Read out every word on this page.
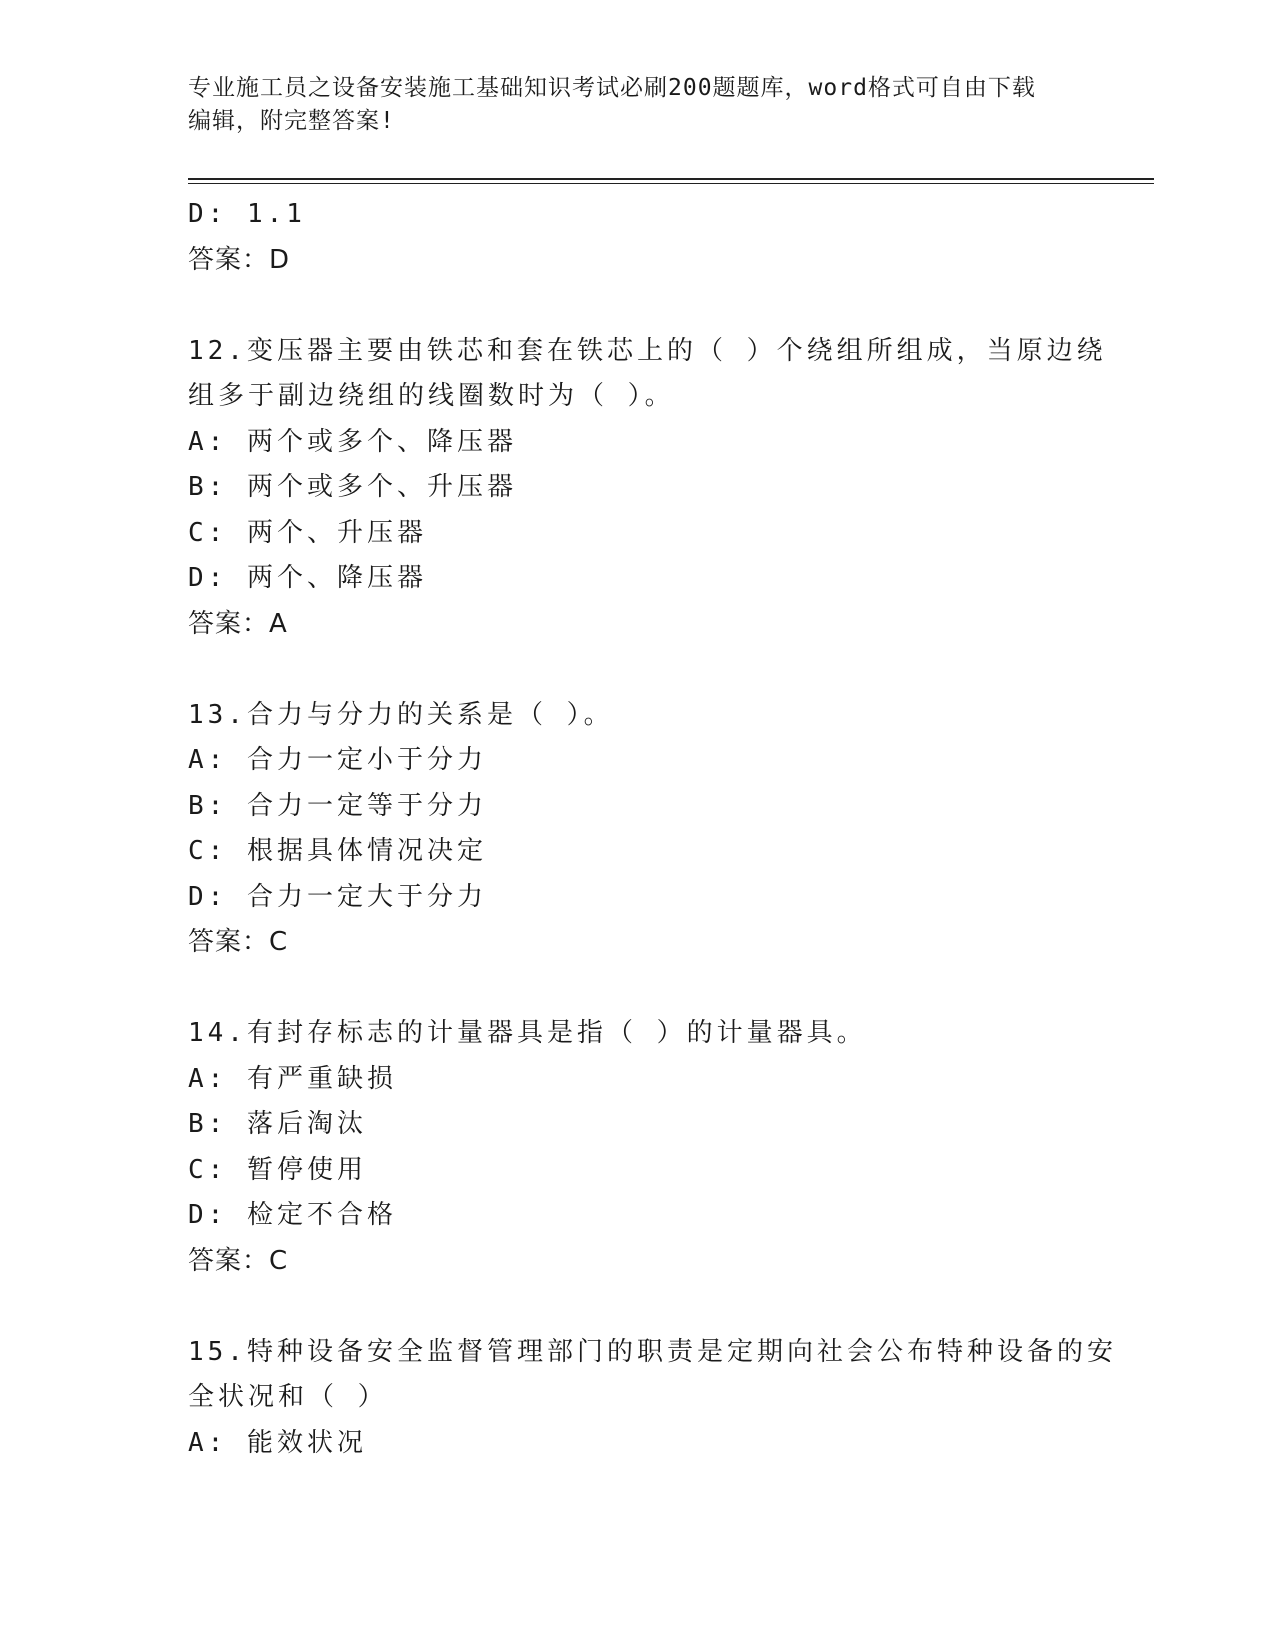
专业施工员之设备安装施工基础知识考试必刷200题题库，word格式可自由下载
编辑，附完整答案!
D: 1.1
答案：D
12.变压器主要由铁芯和套在铁芯上的（ ）个绕组所组成，当原边绕
组多于副边绕组的线圈数时为（ ）。
A: 两个或多个、降压器
B: 两个或多个、升压器
C: 两个、升压器
D: 两个、降压器
答案：A
13.合力与分力的关系是（ ）。
A: 合力一定小于分力
B: 合力一定等于分力
C: 根据具体情况决定
D: 合力一定大于分力
答案：C
14.有封存标志的计量器具是指（ ）的计量器具。
A: 有严重缺损
B: 落后淘汰
C: 暂停使用
D: 检定不合格
答案：C
15.特种设备安全监督管理部门的职责是定期向社会公布特种设备的安
全状况和（ ）
A: 能效状况
